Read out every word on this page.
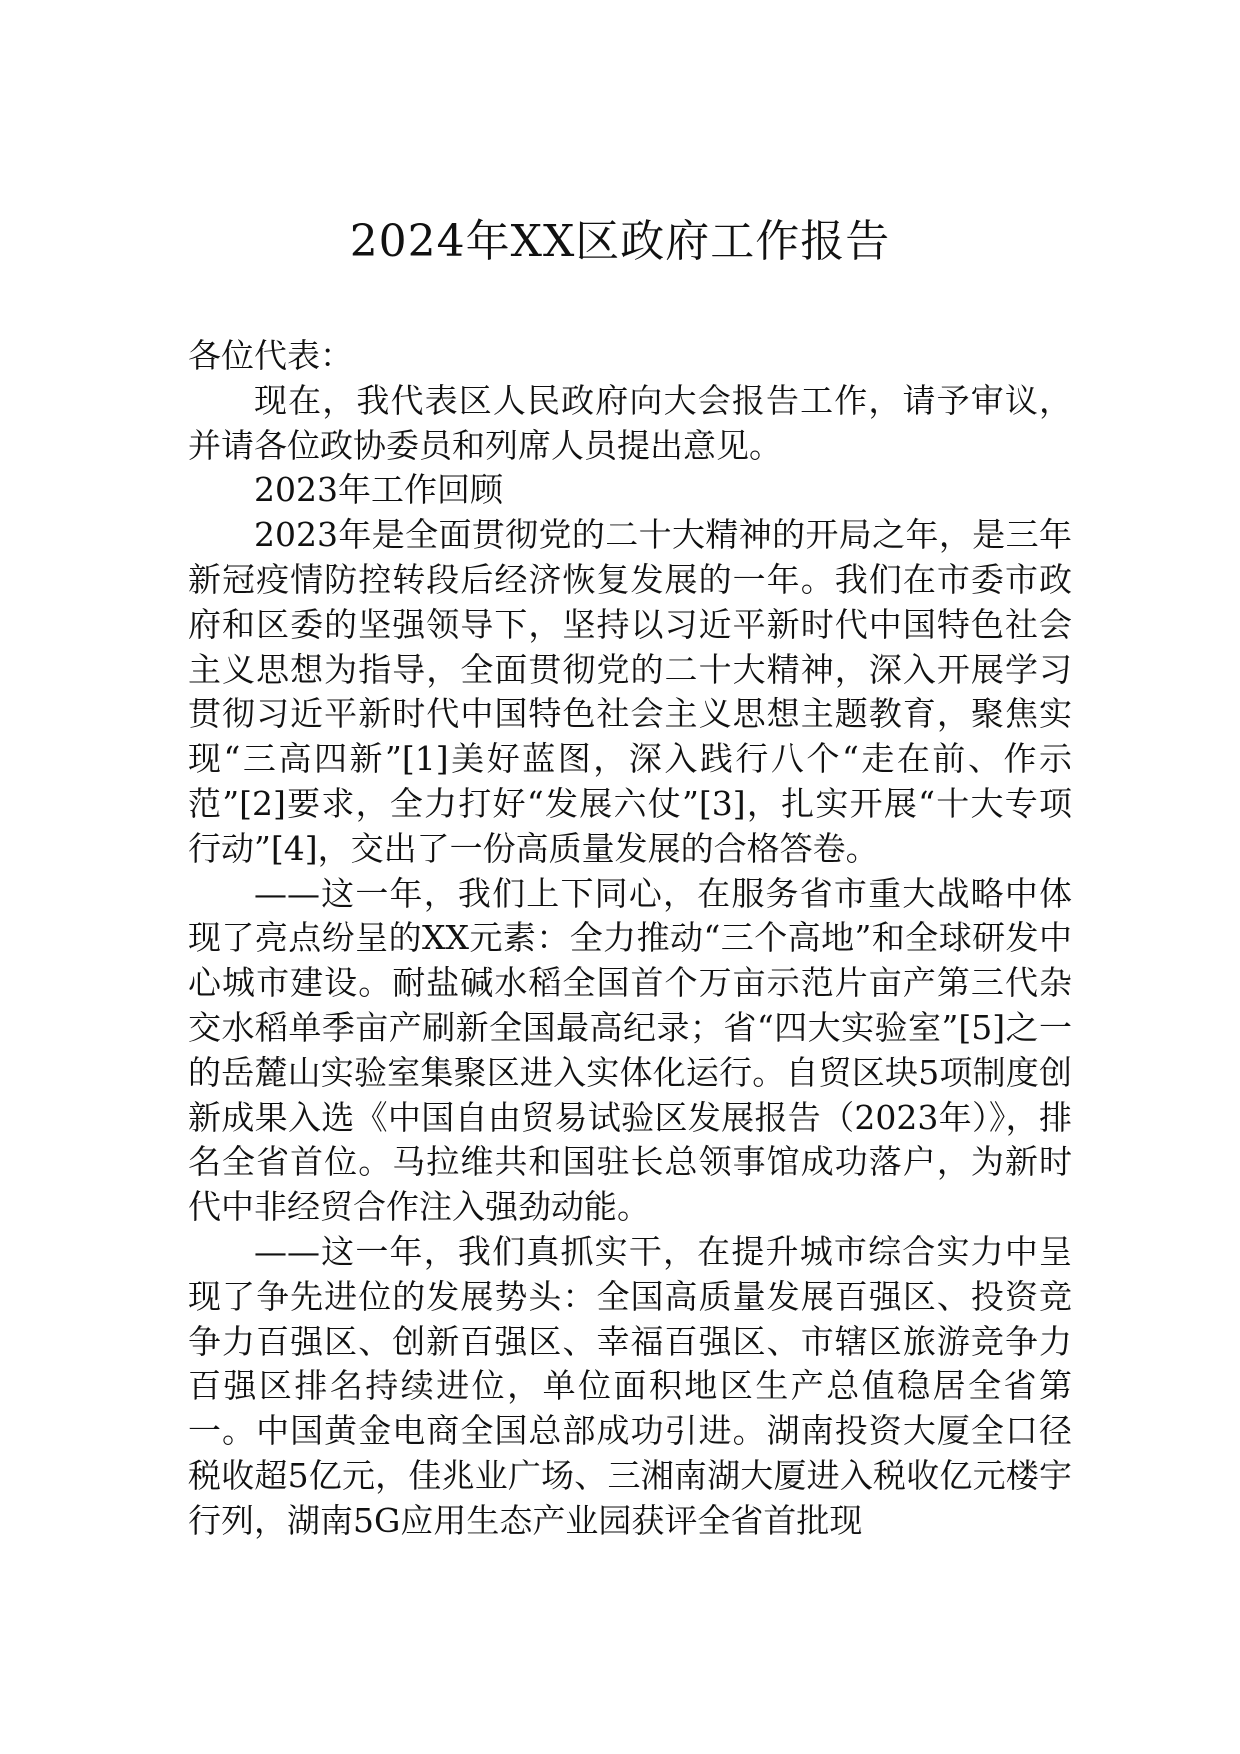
2024年XX区政府工作报告

各位代表：

现在，我代表区人民政府向大会报告工作，请予审议，并请各位政协委员和列席人员提出意见。

2023年工作回顾

2023年是全面贯彻党的二十大精神的开局之年，是三年新冠疫情防控转段后经济恢复发展的一年。我们在市委市政府和区委的坚强领导下，坚持以习近平新时代中国特色社会主义思想为指导，全面贯彻党的二十大精神，深入开展学习贯彻习近平新时代中国特色社会主义思想主题教育，聚焦实现“三高四新”[1]美好蓝图，深入践行八个“走在前、作示范”[2]要求，全力打好“发展六仗”[3]，扎实开展“十大专项行动”[4]，交出了一份高质量发展的合格答卷。

——这一年，我们上下同心，在服务省市重大战略中体现了亮点纷呈的XX元素：全力推动“三个高地”和全球研发中心城市建设。耐盐碱水稻全国首个万亩示范片亩产第三代杂交水稻单季亩产刷新全国最高纪录；省“四大实验室”[5]之一的岳麓山实验室集聚区进入实体化运行。自贸区块5项制度创新成果入选《中国自由贸易试验区发展报告（2023年）》，排名全省首位。马拉维共和国驻长总领事馆成功落户，为新时代中非经贸合作注入强劲动能。

——这一年，我们真抓实干，在提升城市综合实力中呈现了争先进位的发展势头：全国高质量发展百强区、投资竞争力百强区、创新百强区、幸福百强区、市辖区旅游竞争力百强区排名持续进位，单位面积地区生产总值稳居全省第一。中国黄金电商全国总部成功引进。湖南投资大厦全口径税收超5亿元，佳兆业广场、三湘南湖大厦进入税收亿元楼宇行列，湖南5G应用生态产业园获评全省首批现
